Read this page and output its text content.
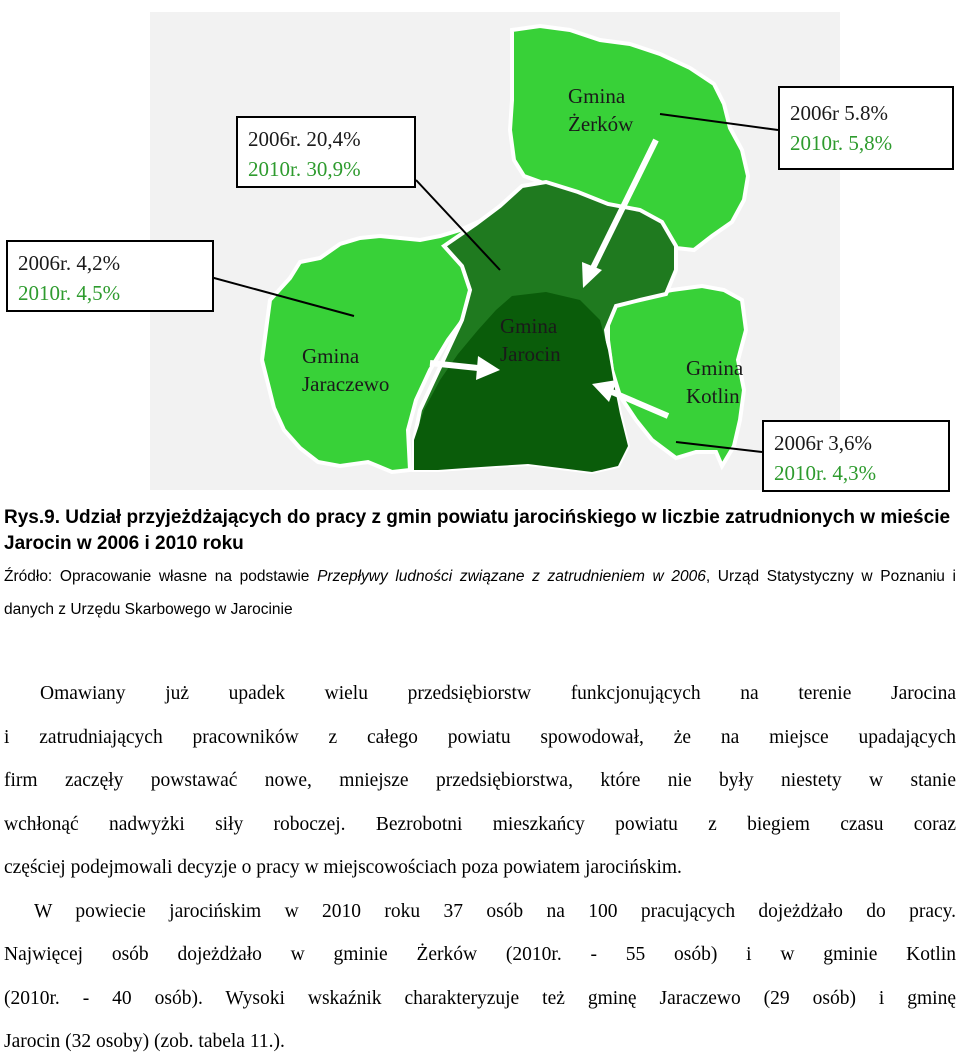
Gmina
Żerków
Gmina
Jarocin
Gmina
Jaraczewo
Gmina
Kotlin
2006r. 20,4%
2010r. 30,9%
2006r 5.8%
2010r. 5,8%
2006r. 4,2%
2010r. 4,5%
2006r 3,6%
2010r. 4,3%

Rys.9. Udział przyjeżdżających do pracy z gmin powiatu jarocińskiego w liczbie zatrudnionych w mieście Jarocin w 2006 i 2010 roku

Źródło: Opracowanie własne na podstawie Przepływy ludności związane z zatrudnieniem w 2006, Urząd Statystyczny w Poznaniu i danych z Urzędu Skarbowego w Jarocinie

Omawiany już upadek wielu przedsiębiorstw funkcjonujących na terenie Jarocina

i zatrudniających pracowników z całego powiatu spowodował, że na miejsce upadających

firm zaczęły powstawać nowe, mniejsze przedsiębiorstwa, które nie były niestety w stanie

wchłonąć nadwyżki siły roboczej. Bezrobotni mieszkańcy powiatu z biegiem czasu coraz

częściej podejmowali decyzje o pracy w miejscowościach poza powiatem jarocińskim.

W powiecie jarocińskim w 2010 roku 37 osób na 100 pracujących dojeżdżało do pracy.

Najwięcej osób dojeżdżało w gminie Żerków (2010r. - 55 osób) i w gminie Kotlin

(2010r. - 40 osób). Wysoki wskaźnik charakteryzuje też gminę Jaraczewo (29 osób) i gminę

Jarocin (32 osoby) (zob. tabela 11.).
